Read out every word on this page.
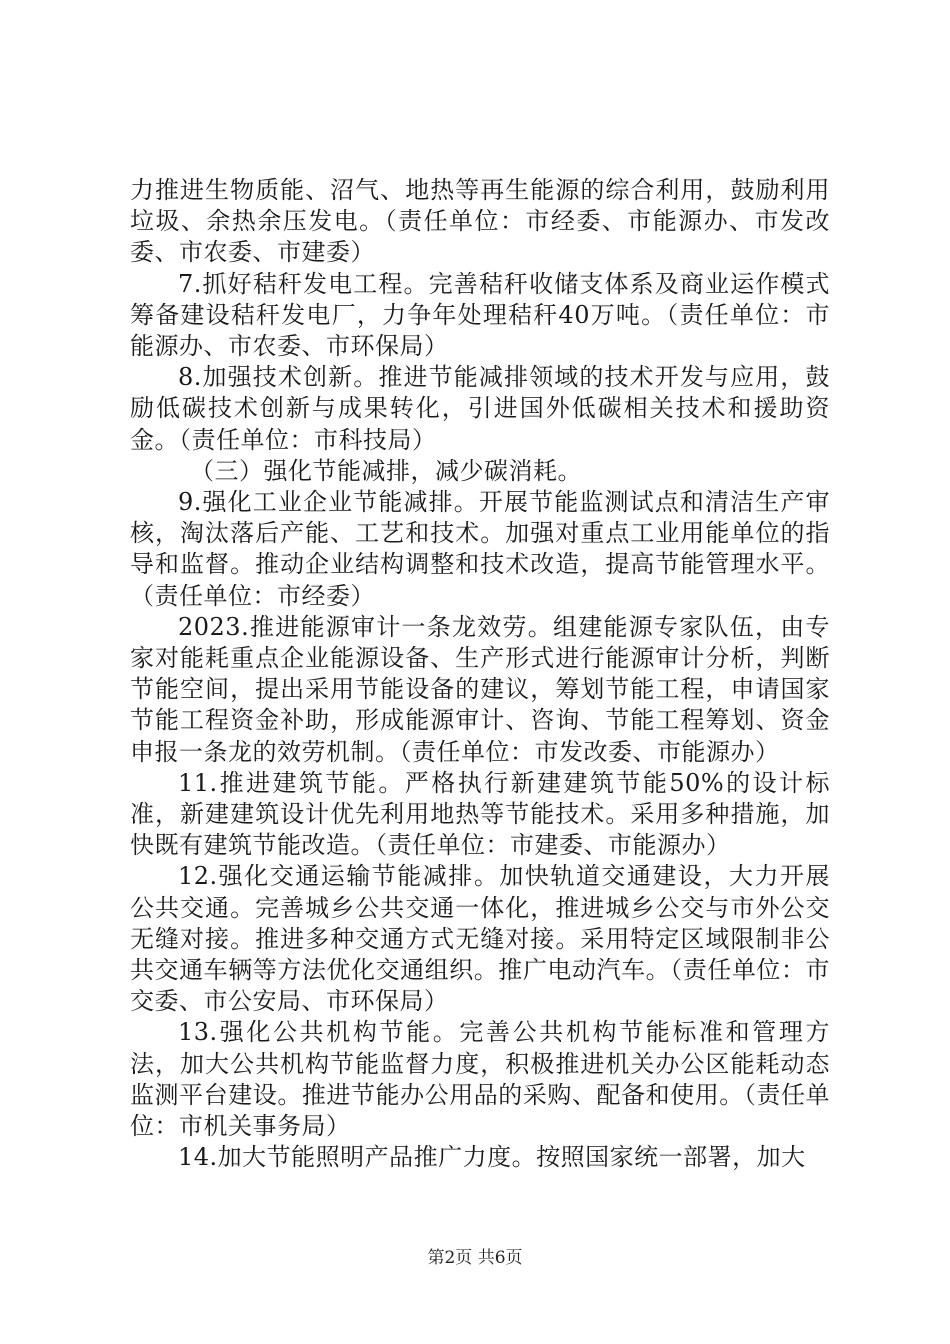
力推进生物质能、沼气、地热等再生能源的综合利用，鼓励利用垃圾、余热余压发电。（责任单位：市经委、市能源办、市发改委、市农委、市建委）

7.抓好秸秆发电工程。完善秸秆收储支体系及商业运作模式筹备建设秸秆发电厂，力争年处理秸秆40万吨。（责任单位：市能源办、市农委、市环保局）

8.加强技术创新。推进节能减排领域的技术开发与应用，鼓励低碳技术创新与成果转化，引进国外低碳相关技术和援助资金。（责任单位：市科技局）

（三）强化节能减排，减少碳消耗。

9.强化工业企业节能减排。开展节能监测试点和清洁生产审核，淘汰落后产能、工艺和技术。加强对重点工业用能单位的指导和监督。推动企业结构调整和技术改造，提高节能管理水平。（责任单位：市经委）

2023.推进能源审计一条龙效劳。组建能源专家队伍，由专家对能耗重点企业能源设备、生产形式进行能源审计分析，判断节能空间，提出采用节能设备的建议，筹划节能工程，申请国家节能工程资金补助，形成能源审计、咨询、节能工程筹划、资金申报一条龙的效劳机制。（责任单位：市发改委、市能源办）

11.推进建筑节能。严格执行新建建筑节能50%的设计标准，新建建筑设计优先利用地热等节能技术。采用多种措施，加快既有建筑节能改造。（责任单位：市建委、市能源办）

12.强化交通运输节能减排。加快轨道交通建设，大力开展公共交通。完善城乡公共交通一体化，推进城乡公交与市外公交无缝对接。推进多种交通方式无缝对接。采用特定区域限制非公共交通车辆等方法优化交通组织。推广电动汽车。（责任单位：市交委、市公安局、市环保局）

13.强化公共机构节能。完善公共机构节能标准和管理方法，加大公共机构节能监督力度，积极推进机关办公区能耗动态监测平台建设。推进节能办公用品的采购、配备和使用。（责任单位：市机关事务局）

14.加大节能照明产品推广力度。按照国家统一部署，加大

第2页 共6页
